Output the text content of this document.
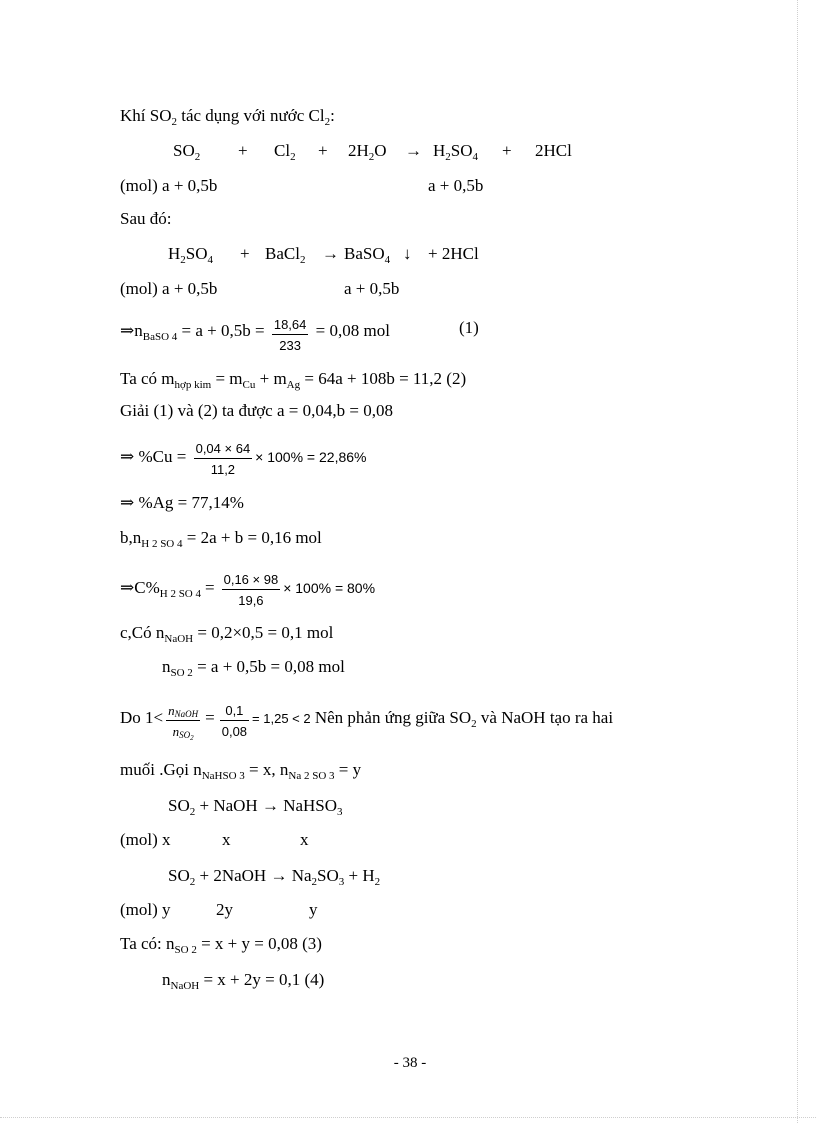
Khí $SO_2$ tác dụng với nước $Cl_2$:
$SO_2 + Cl_2 + 2H_2O \to H_2SO_4 + 2HCl$
(mol) a + 0,5b	a + 0,5b
Sau đó:
$H_2SO_4$ + BaCl$_2$ → BaSO$_4$ ↓ + 2HCl
(mol) a + 0,5b	a + 0,5b
$\Rightarrow n_{BaSO 4} = a + 0,5b = \frac{18,64}{233} = 0,08$ mol	(1)
Ta có $m_{hợp kim} = m_{Cu} + m_{Ag} = 64a + 108b = 11,2$ (2)
Giải (1) và (2) ta được a = 0,04,b = 0,08
⇒ $\%Cu = \frac{0,04 \times 64}{11,2} \times 100\% = 22,86\%$
⇒ %Ag = 77,14%
$b,n_{H 2 SO 4} = 2a + b = 0,16$ mol
$\Rightarrow C\%_{H 2 SO 4} = \frac{0,16 \times 98}{19,6} \times 100\% = 80\%$
c,Có $n_{NaOH} = 0,2\times 0,5 = 0,1$ mol
$n_{SO 2} = a + 0,5b = 0,08$ mol
Do $1< \frac{n_{NaOH}}{n_{SO2}} = \frac{0,1}{0,08} = 1,25 < 2$ Nên phản ứng giữa $SO_2$ và NaOH tạo ra hai
muối .Gọi $n_{NaHSO 3} = x$, $n_{Na 2 SO 3} = y$
$SO_2$ + NaOH → NaHSO$_3$
(mol) x	x	x
$SO_2$ + 2NaOH → $Na_2SO_3 + H_2$
(mol) y	2y	y
Ta có: $n_{SO 2} = x + y = 0,08$ (3)
$n_{NaOH} = x + 2y = 0,1$ (4)
- 38 -
